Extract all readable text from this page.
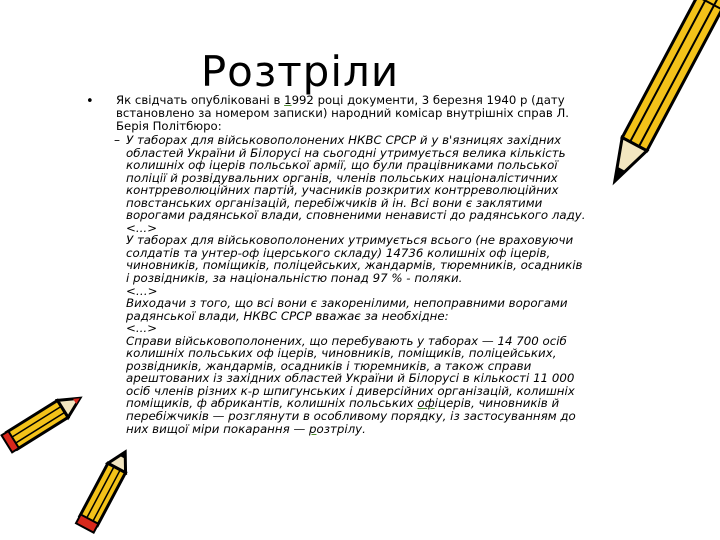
Розтріли
• Як свідчать опубліковані в 1992 році документи, 3 березня 1940 р (дату встановлено за номером записки) народний комісар внутрішніх справ Л. Берія Політбюро:
– У таборах для військовополонених НКВС СРСР й у в'язницях західних областей України й Білорусі на сьогодні утримується велика кількість колишніх оф іцерів польської армії, що були працівниками польської поліції й розвідувальних органів, членів польських націоналістичних контрреволюційних партій, учасників розкритих контрреволюційних повстанських організацій, перебіжчиків й ін. Всі вони є заклятими ворогами радянської влади, сповненими ненависті до радянського ладу.
<...>
У таборах для військовополонених утримується всього (не враховуючи солдатів та унтер-оф іцерського складу) 14736 колишніх оф іцерів, чиновників, поміщиків, поліцейських, жандармів, тюремників, осадників і розвідників, за національністю понад 97 % - поляки.
<…>
Виходачи з того, що всі вони є закоренілими, непоправними ворогами радянської влади, НКВС СРСР вважає за необхідне:
<...>
Справи військовополонених, що перебувають у таборах — 14 700 осіб колишніх польських оф іцерів, чиновників, поміщиків, поліцейських, розвідників, жандармів, осадників і тюремників, а також справи арештованих із західних областей України й Білорусі в кількості 11 000 осіб членів різних к-р шпигунських і диверсійних організацій, колишніх поміщиків, ф абрикантів, колишніх польських офіцерів, чиновників й перебіжчиків — розглянути в особливому порядку, із застосуванням до них вищої міри покарання — розтрілу.
